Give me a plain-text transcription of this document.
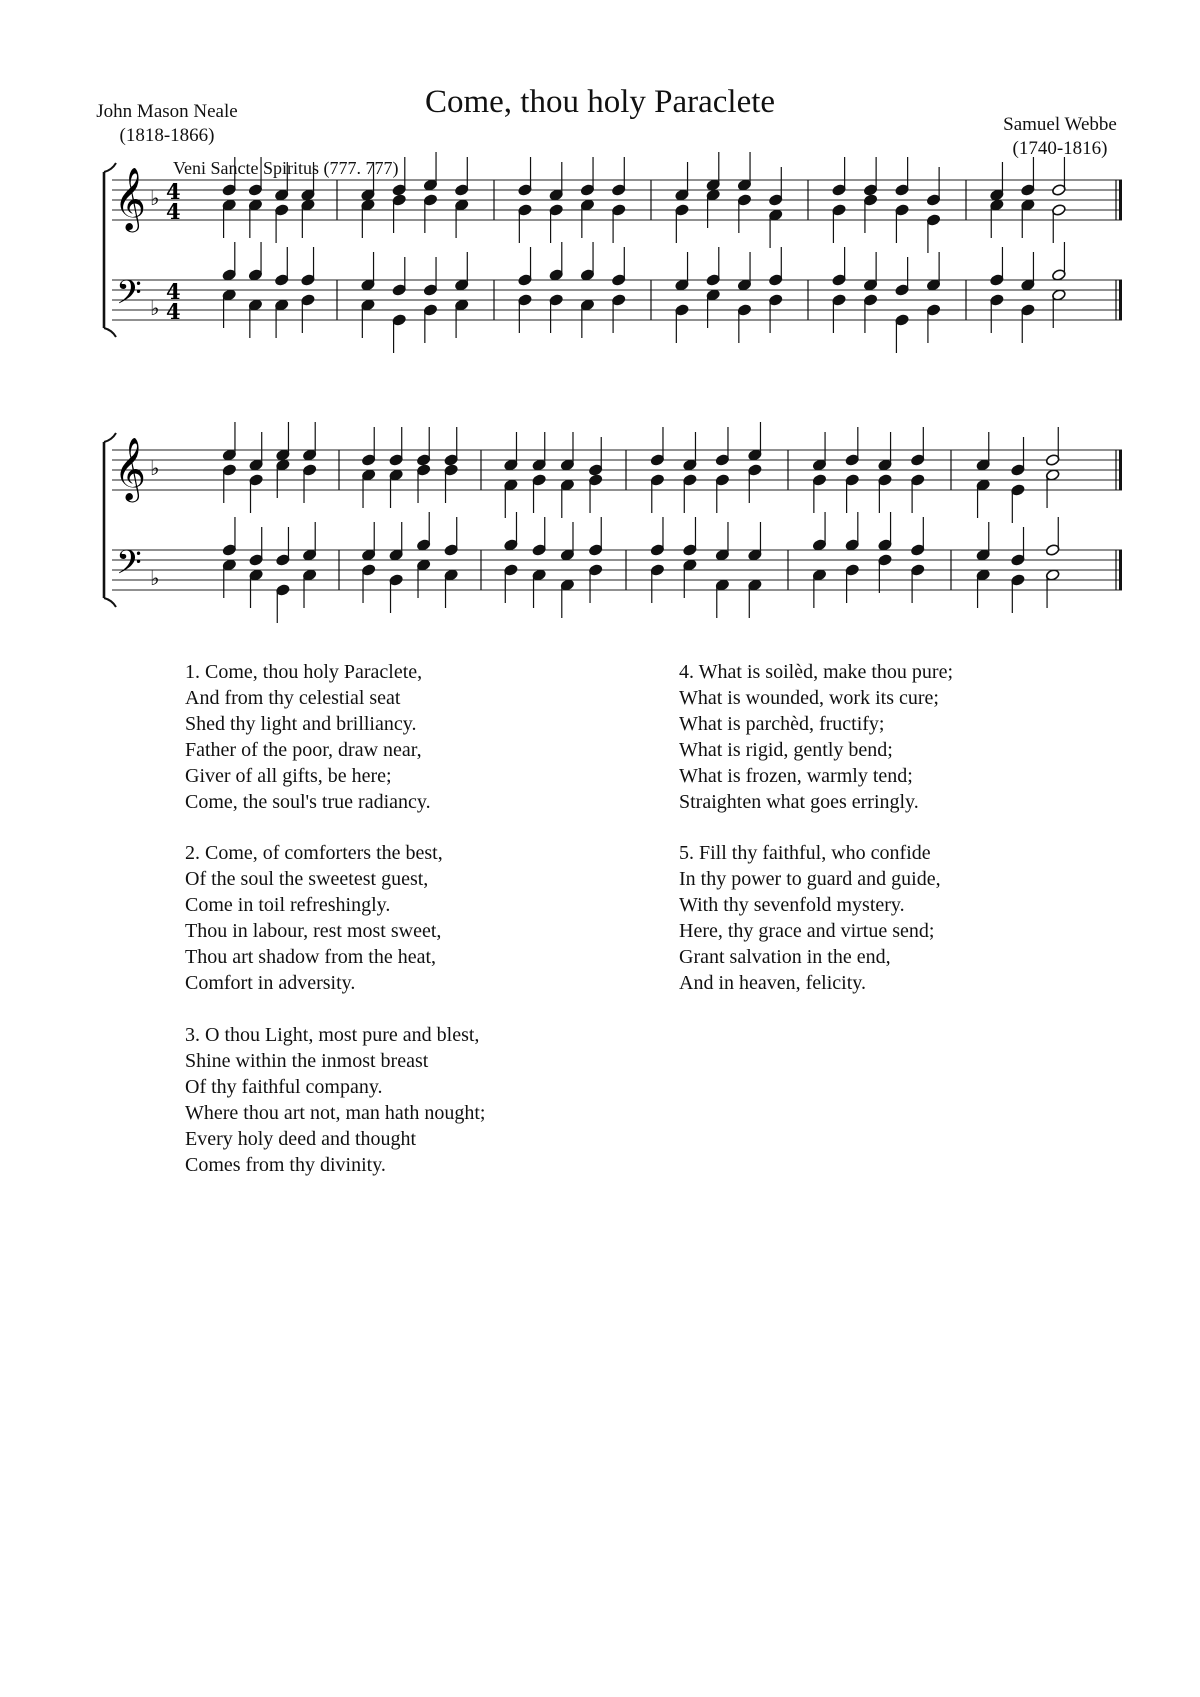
Come, thou holy Paraclete
John Mason Neale
(1818-1866)
Samuel Webbe
(1740-1816)
Veni Sancte Spiritus (777. 777)
𝄞
𝄢
♭
♭
4
4
4
4
𝄞
𝄢
♭
♭
1. Come, thou holy Paraclete,
And from thy celestial seat
Shed thy light and brilliancy.
Father of the poor, draw near,
Giver of all gifts, be here;
Come, the soul's true radiancy.
2. Come, of comforters the best,
Of the soul the sweetest guest,
Come in toil refreshingly.
Thou in labour, rest most sweet,
Thou art shadow from the heat,
Comfort in adversity.
3. O thou Light, most pure and blest,
Shine within the inmost breast
Of thy faithful company.
Where thou art not, man hath nought;
Every holy deed and thought
Comes from thy divinity.
4. What is soilèd, make thou pure;
What is wounded, work its cure;
What is parchèd, fructify;
What is rigid, gently bend;
What is frozen, warmly tend;
Straighten what goes erringly.
5. Fill thy faithful, who confide
In thy power to guard and guide,
With thy sevenfold mystery.
Here, thy grace and virtue send;
Grant salvation in the end,
And in heaven, felicity.
